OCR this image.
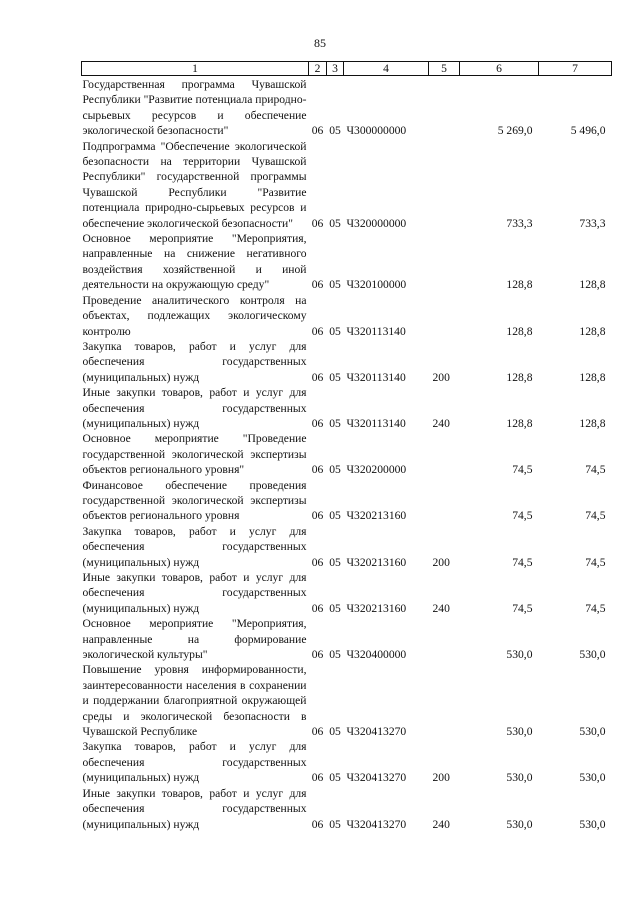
85
1	2	3	4	5	6	7
Государственная программа Чувашской Республики "Развитие потенциала природно-сырьевых ресурсов и обеспечение экологической безопасности"	06	05	Ч300000000		5 269,0	5 496,0
Подпрограмма "Обеспечение экологической безопасности на территории Чувашской Республики" государственной программы Чувашской Республики "Развитие потенциала природно-сырьевых ресурсов и обеспечение экологической безопасности"	06	05	Ч320000000		733,3	733,3
Основное мероприятие "Мероприятия, направленные на снижение негативного воздействия хозяйственной и иной деятельности на окружающую среду"	06	05	Ч320100000		128,8	128,8
Проведение аналитического контроля на объектах, подлежащих экологическому контролю	06	05	Ч320113140		128,8	128,8
Закупка товаров, работ и услуг для обеспечения государственных (муниципальных) нужд	06	05	Ч320113140	200	128,8	128,8
Иные закупки товаров, работ и услуг для обеспечения государственных (муниципальных) нужд	06	05	Ч320113140	240	128,8	128,8
Основное мероприятие "Проведение государственной экологической экспертизы объектов регионального уровня"	06	05	Ч320200000		74,5	74,5
Финансовое обеспечение проведения государственной экологической экспертизы объектов регионального уровня	06	05	Ч320213160		74,5	74,5
Закупка товаров, работ и услуг для обеспечения государственных (муниципальных) нужд	06	05	Ч320213160	200	74,5	74,5
Иные закупки товаров, работ и услуг для обеспечения государственных (муниципальных) нужд	06	05	Ч320213160	240	74,5	74,5
Основное мероприятие "Мероприятия, направленные на формирование экологической культуры"	06	05	Ч320400000		530,0	530,0
Повышение уровня информированности, заинтересованности населения в сохранении и поддержании благоприятной окружающей среды и экологической безопасности в Чувашской Республике	06	05	Ч320413270		530,0	530,0
Закупка товаров, работ и услуг для обеспечения государственных (муниципальных) нужд	06	05	Ч320413270	200	530,0	530,0
Иные закупки товаров, работ и услуг для обеспечения государственных (муниципальных) нужд	06	05	Ч320413270	240	530,0	530,0
